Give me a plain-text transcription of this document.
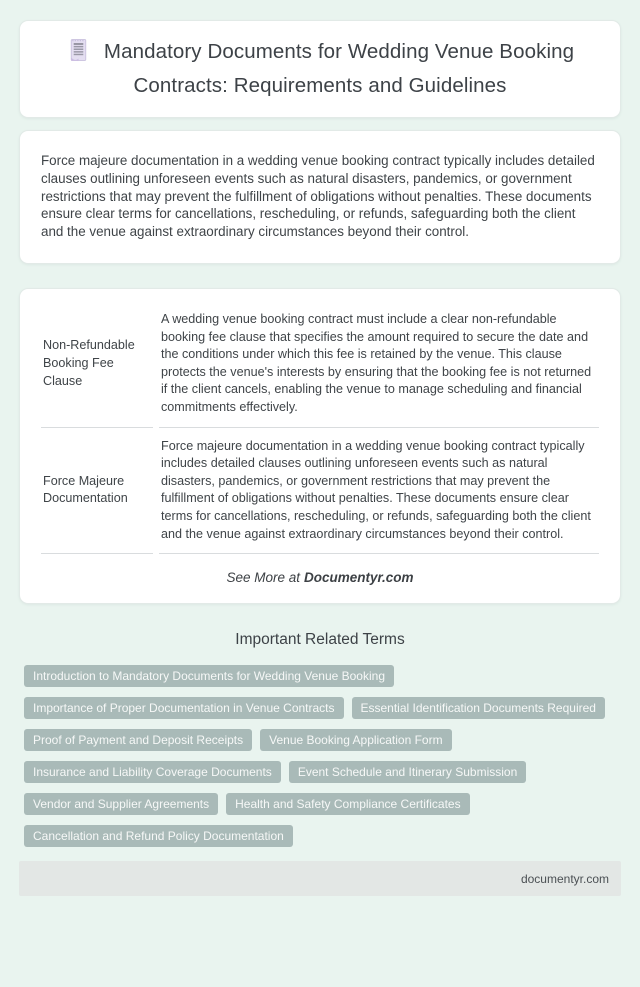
Mandatory Documents for Wedding Venue Booking Contracts: Requirements and Guidelines
Force majeure documentation in a wedding venue booking contract typically includes detailed clauses outlining unforeseen events such as natural disasters, pandemics, or government restrictions that may prevent the fulfillment of obligations without penalties. These documents ensure clear terms for cancellations, rescheduling, or refunds, safeguarding both the client and the venue against extraordinary circumstances beyond their control.
Non-Refundable Booking Fee Clause	A wedding venue booking contract must include a clear non-refundable booking fee clause that specifies the amount required to secure the date and the conditions under which this fee is retained by the venue. This clause protects the venue's interests by ensuring that the booking fee is not returned if the client cancels, enabling the venue to manage scheduling and financial commitments effectively.
Force Majeure Documentation	Force majeure documentation in a wedding venue booking contract typically includes detailed clauses outlining unforeseen events such as natural disasters, pandemics, or government restrictions that may prevent the fulfillment of obligations without penalties. These documents ensure clear terms for cancellations, rescheduling, or refunds, safeguarding both the client and the venue against extraordinary circumstances beyond their control.
See More at Documentyr.com
Important Related Terms
Introduction to Mandatory Documents for Wedding Venue Booking
Importance of Proper Documentation in Venue Contracts	Essential Identification Documents Required
Proof of Payment and Deposit Receipts	Venue Booking Application Form
Insurance and Liability Coverage Documents	Event Schedule and Itinerary Submission
Vendor and Supplier Agreements	Health and Safety Compliance Certificates
Cancellation and Refund Policy Documentation
documentyr.com
